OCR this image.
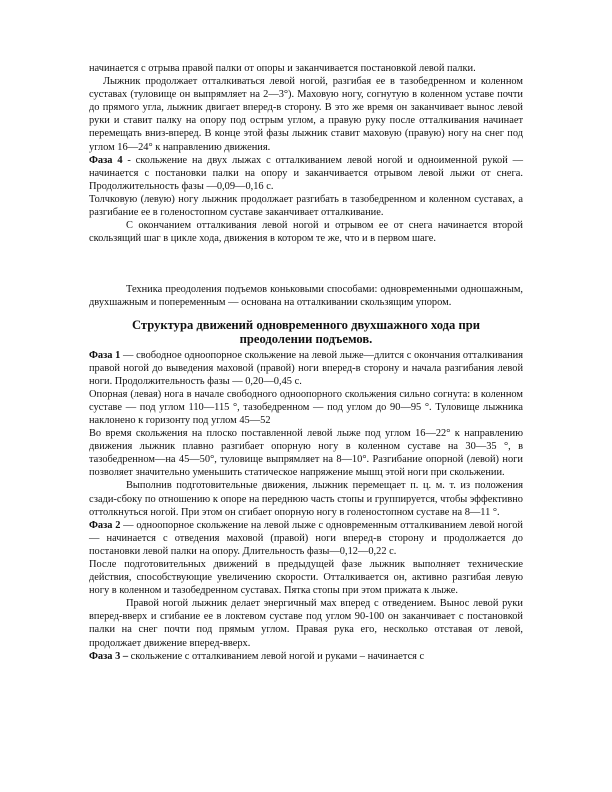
начинается с отрыва правой палки от опоры и заканчивается постановкой левой палки.

Лыжник продолжает отталкиваться левой ногой, разгибая ее в тазобедренном и коленном суставах (туловище он выпрямляет на 2—3°). Маховую ногу, согнутую в коленном уставе почти до прямого угла, лыжник двигает вперед-в сторону. В это же время он заканчивает вынос левой руки и ставит палку на опору под острым углом, а правую руку после отталкивания начинает перемещать вниз-вперед. В конце этой фазы лыжник ставит маховую (правую) ногу на снег под углом 16—24° к направлению движения.

Фаза 4 - скольжение на двух лыжах с отталкиванием левой ногой и одноименной рукой — начинается с постановки палки на опору и заканчивается отрывом левой лыжи от снега. Продолжительность фазы —0,09—0,16 с.

Толчковую (левую) ногу лыжник продолжает разгибать в тазобедренном и коленном суставах, а разгибание ее в голеностопном суставе заканчивает отталкивание.

С окончанием отталкивания левой ногой и отрывом ее от снега начинается второй скользящий шаг в цикле хода, движения в котором те же, что и в первом шаге.

Техника преодоления подъемов коньковыми способами: одновременными одношажным, двухшажным и попеременным — основана на отталкивании скользящим упором.

Структура движений одновременного двухшажного хода при преодолении подъемов.

Фаза 1 — свободное одноопорное скольжение на левой лыже—длится с окончания отталкивания правой ногой до выведения маховой (правой) ноги вперед-в сторону и начала разгибания левой ноги. Продолжительность фазы — 0,20—0,45 с.

Опорная (левая) нога в начале свободного одноопорного скольжения сильно согнута: в коленном суставе — под углом 110—115 °, тазобедренном — под углом до 90—95 °. Туловище лыжника наклонено к горизонту под углом 45—52

Во время скольжения на плоско поставленной левой лыже под углом 16—22° к направлению движения лыжник плавно разгибает опорную ногу в коленном суставе на 30—35 °, в тазобедренном—на 45—50°, туловище выпрямляет на 8—10°. Разгибание опорной (левой) ноги позволяет значительно уменьшить статическое напряжение мышц этой ноги при скольжении.

Выполнив подготовительные движения, лыжник перемещает п. ц. м. т. из положения сзади-сбоку по отношению к опоре на переднюю часть стопы и группируется, чтобы эффективно оттолкнуться ногой. При этом он сгибает опорную ногу в голеностопном суставе на 8—11 °.

Фаза 2 — одноопорное скольжение на левой лыже с одновременным отталкиванием левой ногой — начинается с отведения маховой (правой) ноги вперед-в сторону и продолжается до постановки левой палки на опору. Длительность фазы—0,12—0,22 с.

После подготовительных движений в предыдущей фазе лыжник выполняет технические действия, способствующие увеличению скорости. Отталкивается он, активно разгибая левую ногу в коленном и тазобедренном суставах. Пятка стопы при этом прижата к лыже.

Правой ногой лыжник делает энергичный мах вперед с отведением. Вынос левой руки вперед-вверх и сгибание ее в локтевом суставе под углом 90-100 он заканчивает с постановкой палки на снег почти под прямым углом. Правая рука его, несколько отставая от левой, продолжает движение вперед-вверх.

Фаза 3 – скольжение с отталкиванием левой ногой и руками – начинается с
